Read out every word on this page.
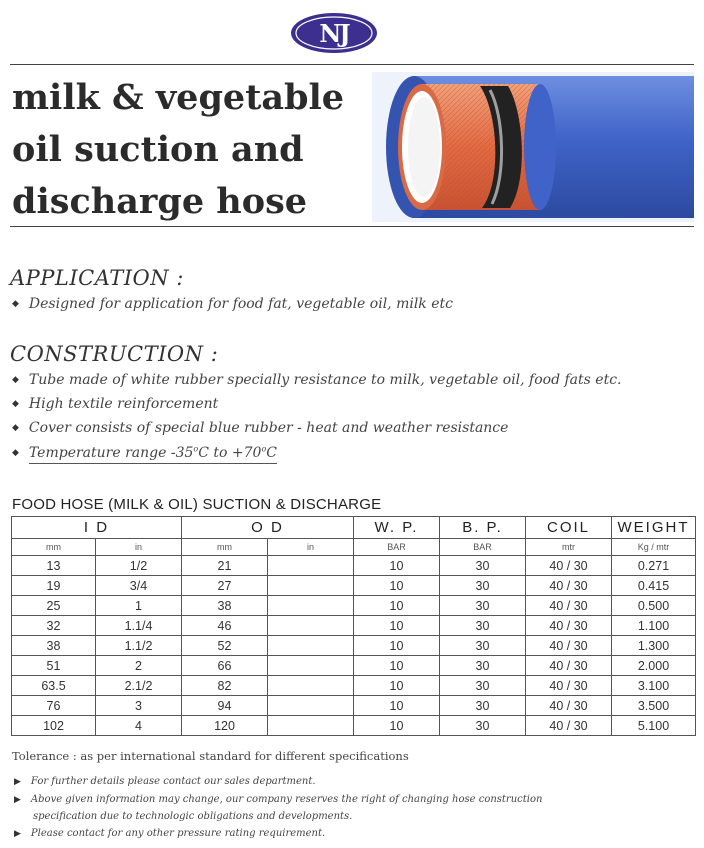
NJ
milk & vegetable
oil suction and
discharge hose
APPLICATION :
◆ Designed for application for food fat, vegetable oil, milk etc
CONSTRUCTION :
◆ Tube made of white rubber specially resistance to milk, vegetable oil, food fats etc.
◆ High textile reinforcement
◆ Cover consists of special blue rubber - heat and weather resistance
◆ Temperature range -35$^o$C to $+70^oC$
FOOD HOSE (MILK & OIL) SUCTION & DISCHARGE
I D		O D		W. P.	B. P.	COIL	WEIGHT
mm	in	mm	in	BAR	BAR	mtr	Kg / mtr
13	1/2	21		10	30	40 / 30	0.271
19	3/4	27		10	30	40 / 30	0.415
25	1	38		10	30	40 / 30	0.500
32	1.1/4	46		10	30	40 / 30	1.100
38	1.1/2	52		10	30	40 / 30	1.300
51	2	66		10	30	40 / 30	2.000
63.5	2.1/2	82		10	30	40 / 30	3.100
76	3	94		10	30	40 / 30	3.500
102	4	120		10	30	40 / 30	5.100
Tolerance : as per international standard for different specifications
▶ For further details please contact our sales department.
▶ Above given information may change, our company reserves the right of changing hose construction
specification due to technologic obligations and developments.
▶ Please contact for any other pressure rating requirement.
